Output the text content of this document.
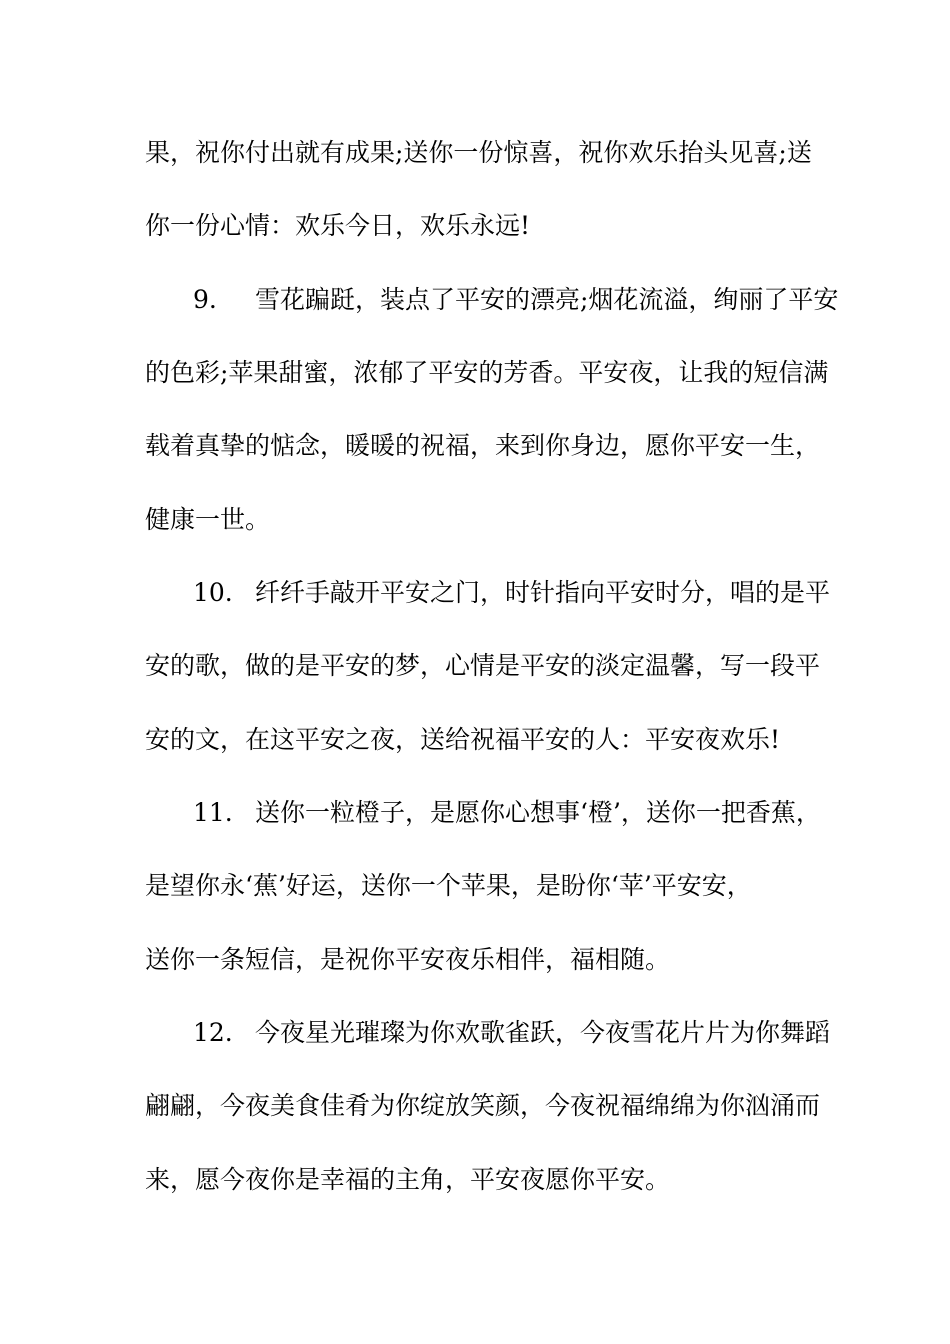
果，祝你付出就有成果;送你一份惊喜，祝你欢乐抬头见喜;送
你一份心情：欢乐今日，欢乐永远!
9. 雪花蹁跹，装点了平安的漂亮;烟花流溢，绚丽了平安
的色彩;苹果甜蜜，浓郁了平安的芳香。平安夜，让我的短信满
载着真挚的惦念，暖暖的祝福，来到你身边，愿你平安一生，
健康一世。
10. 纤纤手敲开平安之门，时针指向平安时分，唱的是平
安的歌，做的是平安的梦，心情是平安的淡定温馨，写一段平
安的文，在这平安之夜，送给祝福平安的人：平安夜欢乐!
11. 送你一粒橙子，是愿你心想事‘橙’，送你一把香蕉，
是望你永‘蕉’好运，送你一个苹果，是盼你‘苹’平安安，
送你一条短信，是祝你平安夜乐相伴，福相随。
12. 今夜星光璀璨为你欢歌雀跃，今夜雪花片片为你舞蹈
翩翩，今夜美食佳肴为你绽放笑颜，今夜祝福绵绵为你汹涌而
来，愿今夜你是幸福的主角，平安夜愿你平安。
